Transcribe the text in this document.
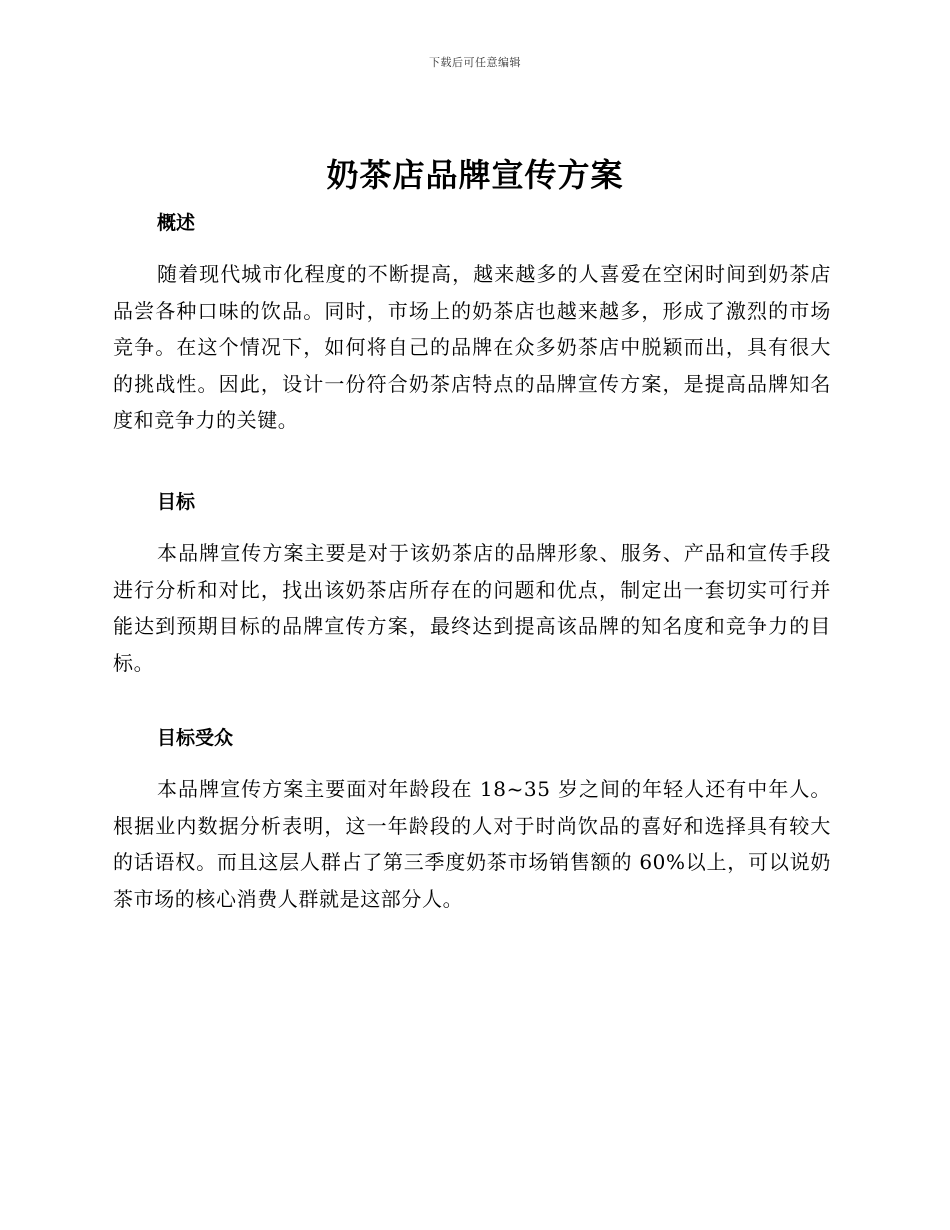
下载后可任意编辑
奶茶店品牌宣传方案
概述
随着现代城市化程度的不断提高，越来越多的人喜爱在空闲时间到奶茶店品尝各种口味的饮品。同时，市场上的奶茶店也越来越多，形成了激烈的市场竞争。在这个情况下，如何将自己的品牌在众多奶茶店中脱颖而出，具有很大的挑战性。因此，设计一份符合奶茶店特点的品牌宣传方案，是提高品牌知名度和竞争力的关键。
目标
本品牌宣传方案主要是对于该奶茶店的品牌形象、服务、产品和宣传手段进行分析和对比，找出该奶茶店所存在的问题和优点，制定出一套切实可行并能达到预期目标的品牌宣传方案，最终达到提高该品牌的知名度和竞争力的目标。
目标受众
本品牌宣传方案主要面对年龄段在 18~35 岁之间的年轻人还有中年人。根据业内数据分析表明，这一年龄段的人对于时尚饮品的喜好和选择具有较大的话语权。而且这层人群占了第三季度奶茶市场销售额的 60%以上，可以说奶茶市场的核心消费人群就是这部分人。
